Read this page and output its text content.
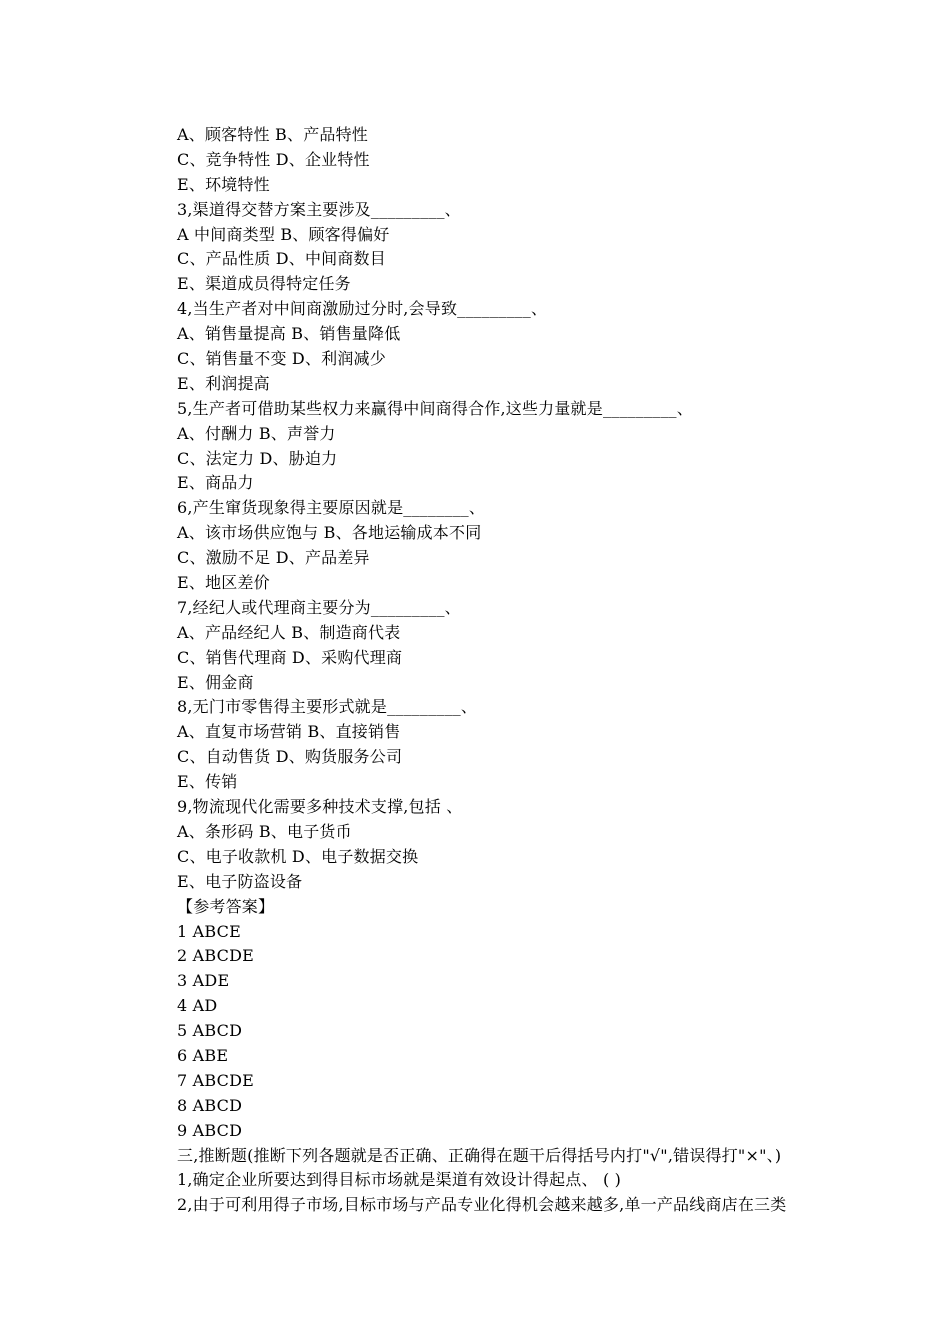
A、顾客特性 B、产品特性
C、竞争特性 D、企业特性
E、环境特性
3,渠道得交替方案主要涉及_________、
A 中间商类型 B、顾客得偏好
C、产品性质 D、中间商数目
E、渠道成员得特定任务
4,当生产者对中间商激励过分时,会导致_________、
A、销售量提高 B、销售量降低
C、销售量不变 D、利润减少
E、利润提高
5,生产者可借助某些权力来赢得中间商得合作,这些力量就是_________、
A、付酬力 B、声誉力
C、法定力 D、胁迫力
E、商品力
6,产生窜货现象得主要原因就是________、
A、该市场供应饱与 B、各地运输成本不同
C、激励不足 D、产品差异
E、地区差价
7,经纪人或代理商主要分为_________、
A、产品经纪人 B、制造商代表
C、销售代理商 D、采购代理商
E、佣金商
8,无门市零售得主要形式就是_________、
A、直复市场营销 B、直接销售
C、自动售货 D、购货服务公司
E、传销
9,物流现代化需要多种技术支撑,包括 、
A、条形码 B、电子货币
C、电子收款机 D、电子数据交换
E、电子防盗设备
【参考答案】
1 ABCE
2 ABCDE
3 ADE
4 AD
5 ABCD
6 ABE
7 ABCDE
8 ABCD
9 ABCD
三,推断题(推断下列各题就是否正确、正确得在题干后得括号内打"√",错误得打"×"、)
1,确定企业所要达到得目标市场就是渠道有效设计得起点、 ( )
2,由于可利用得子市场,目标市场与产品专业化得机会越来越多,单一产品线商店在三类
